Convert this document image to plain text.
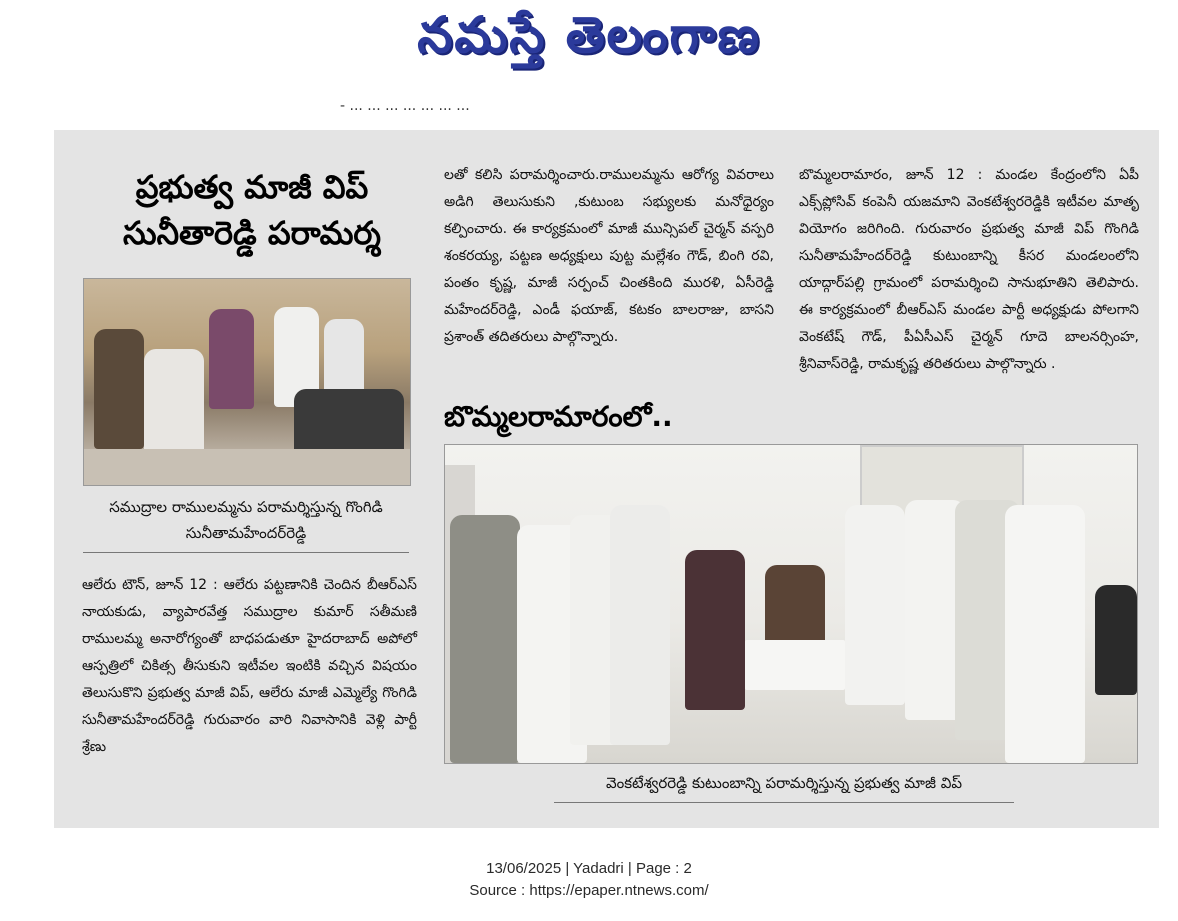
నమస్తే తెలంగాణ
- ... ... ... ... ... ... ...
ప్రభుత్వ మాజీ విప్ సునీతారెడ్డి పరామర్శ
సముద్రాల రాములమ్మను పరామర్శిస్తున్న గొంగిడి సునీతామహేందర్‌రెడ్డి
ఆలేరు టౌన్, జూన్ 12 : ఆలేరు పట్టణానికి చెందిన బీఆర్ఎస్ నాయకుడు, వ్యాపారవేత్త సముద్రాల కుమార్ సతీమణి రాములమ్మ అనారోగ్యంతో బాధపడుతూ హైదరాబాద్ అపోలో ఆస్పత్రిలో చికిత్స తీసుకుని ఇటీవల ఇంటికి వచ్చిన విషయం తెలుసుకొని ప్రభుత్వ మాజీ విప్, ఆలేరు మాజీ ఎమ్మెల్యే గొంగిడి సునీతామహేందర్‌రెడ్డి గురువారం వారి నివాసానికి వెళ్లి పార్టీ శ్రేణు
లతో కలిసి పరామర్శించారు.రాములమ్మను ఆరోగ్య వివరాలు అడిగి తెలుసుకుని ,కుటుంబ సభ్యులకు మనోధైర్యం కల్పించారు. ఈ కార్యక్రమంలో మాజీ మున్సిపల్ చైర్మన్ వస్పరి శంకరయ్య, పట్టణ అధ్యక్షులు పుట్ట మల్లేశం గౌడ్, బింగి రవి, పంతం కృష్ణ, మాజీ సర్పంచ్ చింతకింది మురళి, ఏసీరెడ్డి మహేందర్‌రెడ్డి, ఎండీ ఫయాజ్, కటకం బాలరాజు, బాసని ప్రశాంత్ తదితరులు పాల్గొన్నారు.
బొమ్మలరామారంలో..
వెంకటేశ్వరరెడ్డి కుటుంబాన్ని పరామర్శిస్తున్న ప్రభుత్వ మాజీ విప్
బొమ్మలరామారం, జూన్ 12 : మండల కేంద్రంలోని ఏపీ ఎక్స్‌ప్లోసివ్ కంపెనీ యజమాని వెంకటేశ్వరరెడ్డికి ఇటీవల మాతృ వియోగం జరిగింది. గురువారం ప్రభుత్వ మాజీ విప్ గొంగిడి సునీతామహేందర్‌రెడ్డి కుటుంబాన్ని కీసర మండలంలోని యాద్గార్‌పల్లి గ్రామంలో పరామర్శించి సానుభూతిని తెలిపారు. ఈ కార్యక్రమంలో బీఆర్ఎస్ మండల పార్టీ అధ్యక్షుడు పోలగాని వెంకటేష్ గౌడ్, పీఏసీఎస్ చైర్మన్ గూదె బాలనర్సింహ, శ్రీనివాస్‌రెడ్డి, రామకృష్ణ తరితరులు పాల్గొన్నారు .
13/06/2025 | Yadadri | Page : 2
Source : https://epaper.ntnews.com/
